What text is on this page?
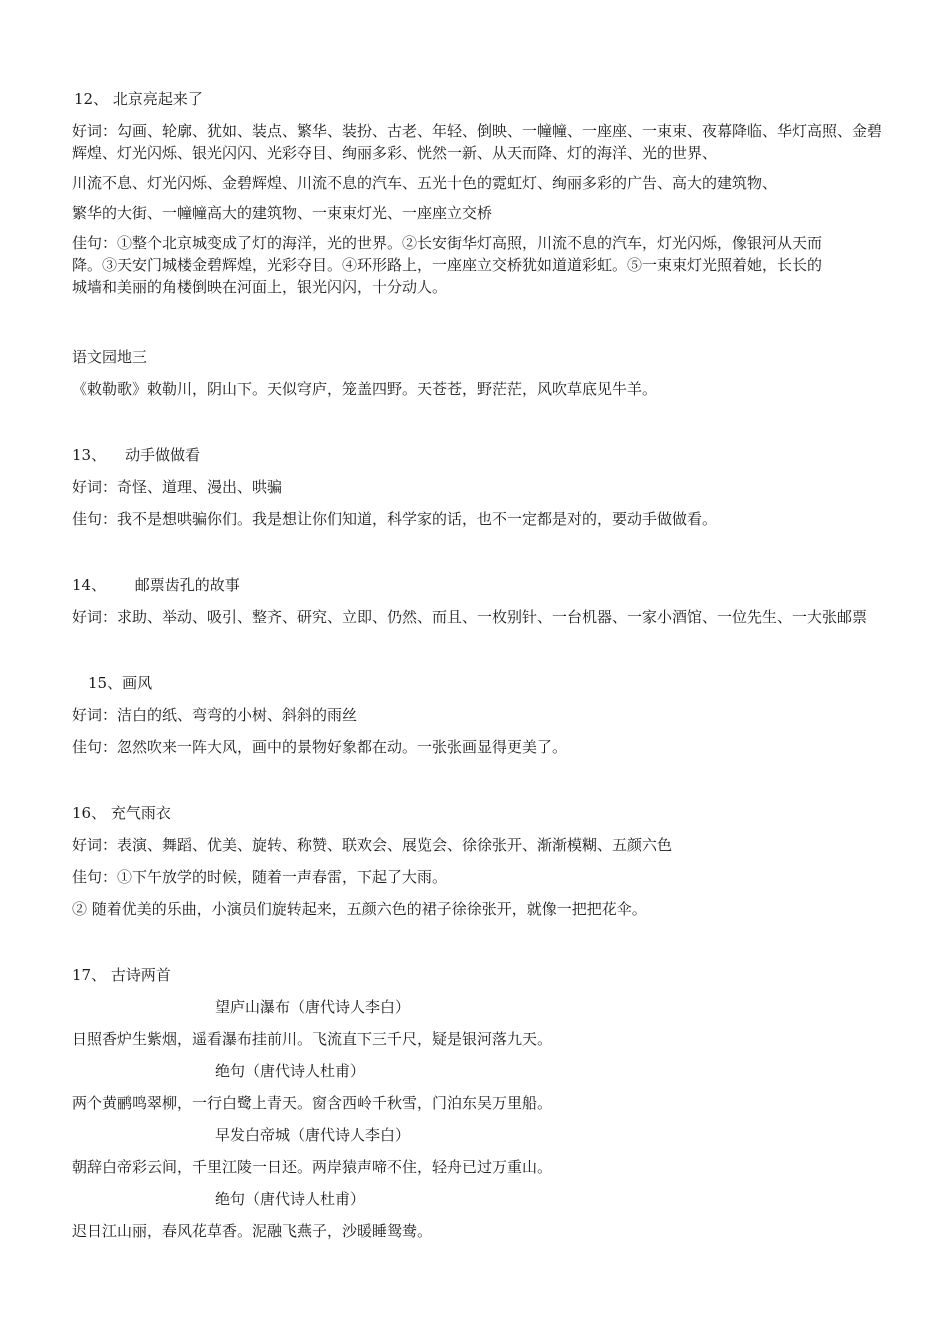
12、 北京亮起来了

好词：勾画、轮廓、犹如、装点、繁华、装扮、古老、年轻、倒映、一幢幢、一座座、一束束、夜幕降临、华灯高照、金碧

辉煌、灯光闪烁、银光闪闪、光彩夺目、绚丽多彩、恍然一新、从天而降、灯的海洋、光的世界、

川流不息、灯光闪烁、金碧辉煌、川流不息的汽车、五光十色的霓虹灯、绚丽多彩的广告、高大的建筑物、

繁华的大街、一幢幢高大的建筑物、一束束灯光、一座座立交桥

佳句：①整个北京城变成了灯的海洋，光的世界。②长安街华灯高照，川流不息的汽车，灯光闪烁，像银河从天而

降。③天安门城楼金碧辉煌，光彩夺目。④环形路上，一座座立交桥犹如道道彩虹。⑤一束束灯光照着她，长长的

城墙和美丽的角楼倒映在河面上，银光闪闪，十分动人。

语文园地三

《敕勒歌》敕勒川，阴山下。天似穹庐，笼盖四野。天苍苍，野茫茫，风吹草底见牛羊。

13、    动手做做看

好词：奇怪、道理、漫出、哄骗

佳句：我不是想哄骗你们。我是想让你们知道，科学家的话，也不一定都是对的，要动手做做看。

14、      邮票齿孔的故事

好词：求助、举动、吸引、整齐、研究、立即、仍然、而且、一枚别针、一台机器、一家小酒馆、一位先生、一大张邮票

15、画风

好词：洁白的纸、弯弯的小树、斜斜的雨丝

佳句：忽然吹来一阵大风，画中的景物好象都在动。一张张画显得更美了。

16、 充气雨衣

好词：表演、舞蹈、优美、旋转、称赞、联欢会、展览会、徐徐张开、渐渐模糊、五颜六色

佳句：①下午放学的时候，随着一声春雷，下起了大雨。

② 随着优美的乐曲，小演员们旋转起来，五颜六色的裙子徐徐张开，就像一把把花伞。

17、 古诗两首

望庐山瀑布（唐代诗人李白）

日照香炉生紫烟，遥看瀑布挂前川。飞流直下三千尺，疑是银河落九天。

绝句（唐代诗人杜甫）

两个黄鹂鸣翠柳，一行白鹭上青天。窗含西岭千秋雪，门泊东吴万里船。

早发白帝城（唐代诗人李白）

朝辞白帝彩云间，千里江陵一日还。两岸猿声啼不住，轻舟已过万重山。

绝句（唐代诗人杜甫）

迟日江山丽，春风花草香。泥融飞燕子，沙暖睡鸳鸯。
